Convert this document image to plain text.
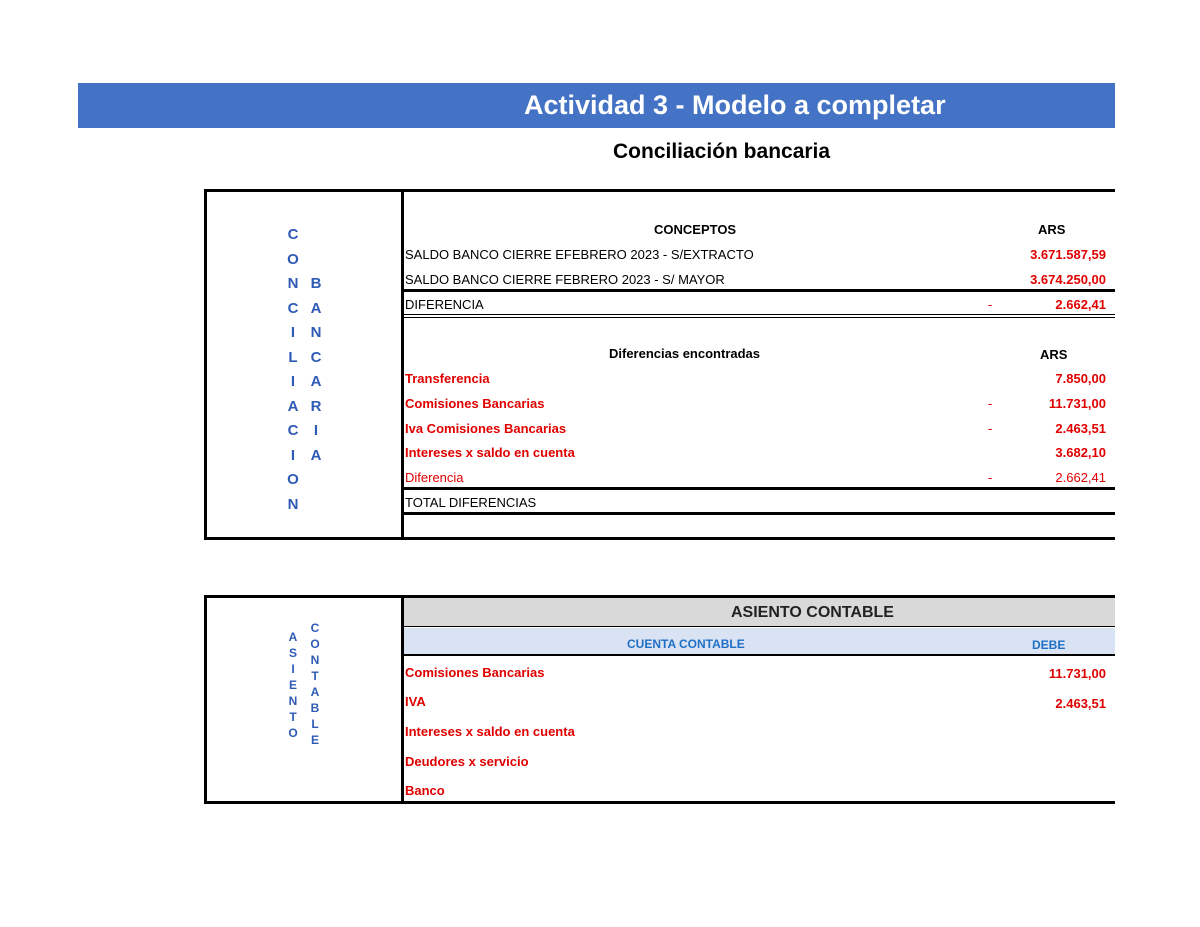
Actividad 3 - Modelo a completar
Conciliación bancaria
C
O
N
C
I
L
I
A
C
I
O
N
B
A
N
C
A
R
I
A
CONCEPTOS	ARS
SALDO BANCO CIERRE EFEBRERO 2023 - S/EXTRACTO	3.671.587,59
SALDO BANCO CIERRE FEBRERO 2023 - S/ MAYOR	3.674.250,00
DIFERENCIA	-	2.662,41
Diferencias encontradas	ARS
Transferencia	7.850,00
Comisiones Bancarias	-	11.731,00
Iva Comisiones Bancarias	-	2.463,51
Intereses x saldo en cuenta	3.682,10
Diferencia	-	2.662,41
TOTAL DIFERENCIAS
A
S
I
E
N
T
O
C
O
N
T
A
B
L
E
ASIENTO CONTABLE
CUENTA CONTABLE	DEBE
Comisiones Bancarias	11.731,00
IVA	2.463,51
Intereses x saldo en cuenta
Deudores x servicio
Banco
